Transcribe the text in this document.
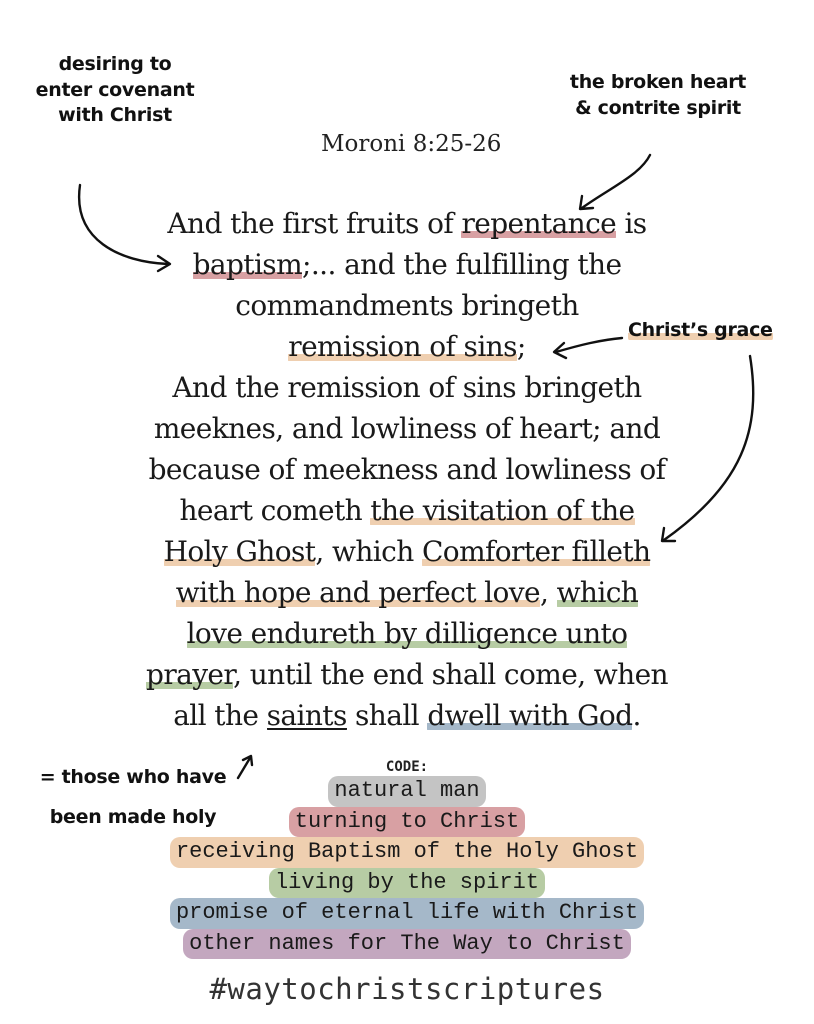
desiring to
enter covenant
with Christ
the broken heart
& contrite spirit
Christ’s grace
= those who have
been made holy
Moroni 8:25-26
And the first fruits of repentance is
baptism;... and the fulfilling the
commandments bringeth
remission of sins;
And the remission of sins bringeth
meeknes, and lowliness of heart; and
because of meekness and lowliness of
heart cometh the visitation of the
Holy Ghost, which Comforter filleth
with hope and perfect love, which
love endureth by dilligence unto
prayer, until the end shall come, when
all the saints shall dwell with God.
CODE:
natural man
turning to Christ
receiving Baptism of the Holy Ghost
living by the spirit
promise of eternal life with Christ
other names for The Way to Christ
#waytochristscriptures
